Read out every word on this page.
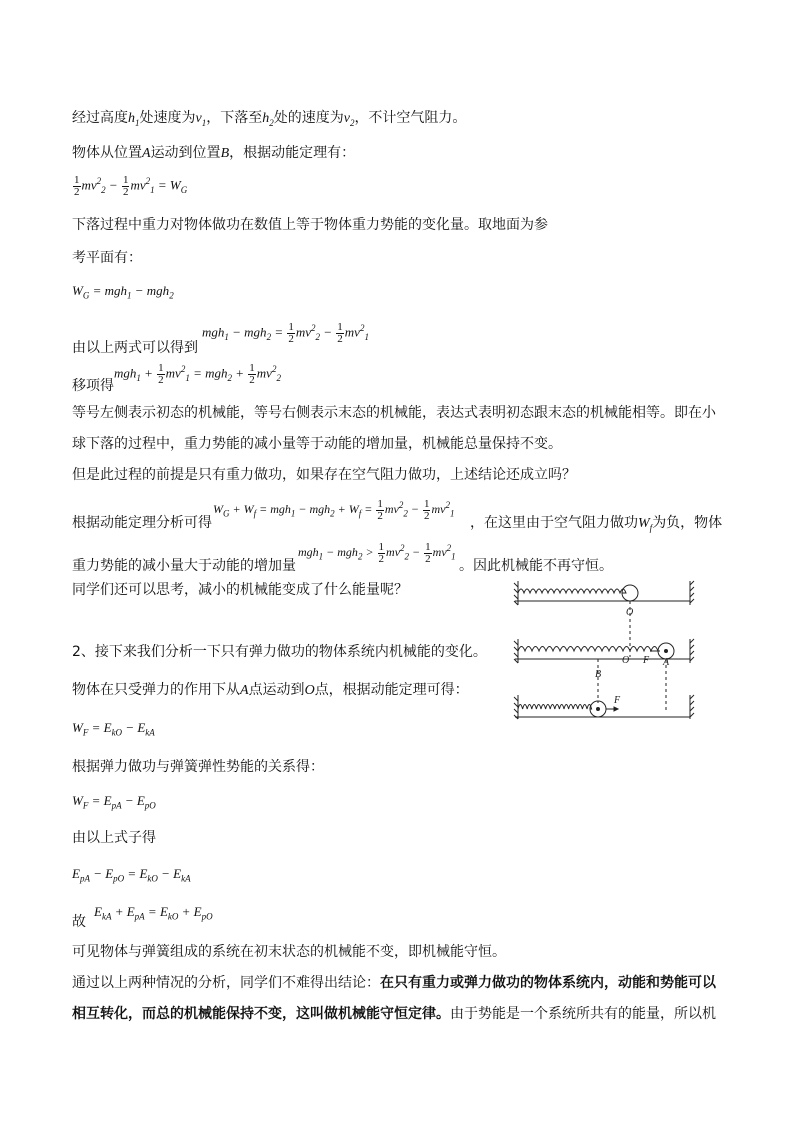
经过高度$h_1$处速度为$v_1$，下落至$h_2$处的速度为$v_2$，不计空气阻力。
物体从位置A运动到位置B，根据动能定理有：
$\frac{1}{2} mv^2_2 - \frac{1}{2} mv^2_1 = W_G$
下落过程中重力对物体做功在数值上等于物体重力势能的变化量。取地面为参
考平面有：
$W_G = mgh_1 - mgh_2$
由以上两式可以得到
$mgh_1 - mgh_2 = \frac{1}{2} mv^2_2 - \frac{1}{2} mv^2_1$
移项得
$mgh_1 + \frac{1}{2} mv^2_1 = mgh_2 + \frac{1}{2} mv^2_2$
等号左侧表示初态的机械能，等号右侧表示末态的机械能，表达式表明初态跟末态的机械能相等。即在小
球下落的过程中，重力势能的减小量等于动能的增加量，机械能总量保持不变。
但是此过程的前提是只有重力做功，如果存在空气阻力做功，上述结论还成立吗？
根据动能定理分析可得
$W_G + W_f = mgh_1 - mgh_2 + W_f = \frac{1}{2} mv^2_2 - \frac{1}{2} mv^2_1$
，在这里由于空气阻力做功$W_f$为负，物体
重力势能的减小量大于动能的增加量
$mgh_1 - mgh_2 > \frac{1}{2} mv^2_2 - \frac{1}{2} mv^2_1$
。因此机械能不再守恒。
同学们还可以思考，减小的机械能变成了什么能量呢？
2、接下来我们分析一下只有弹力做功的物体系统内机械能的变化。
物体在只受弹力的作用下从A点运动到O点，根据动能定理可得：
$W_F = E_{kO} - E_{kA}$
根据弹力做功与弹簧弹性势能的关系得：
$W_F = E_{pA} - E_{pO}$
由以上式子得
$E_{pA} - E_{pO} = E_{kO} - E_{kA}$
故
$E_{kA} + E_{pA} = E_{kO} + E_{pO}$
可见物体与弹簧组成的系统在初末状态的机械能不变，即机械能守恒。
通过以上两种情况的分析，同学们不难得出结论：在只有重力或弹力做功的物体系统内，动能和势能可以
相互转化，而总的机械能保持不变，这叫做机械能守恒定律。由于势能是一个系统所共有的能量，所以机
O
O F A
B
F
